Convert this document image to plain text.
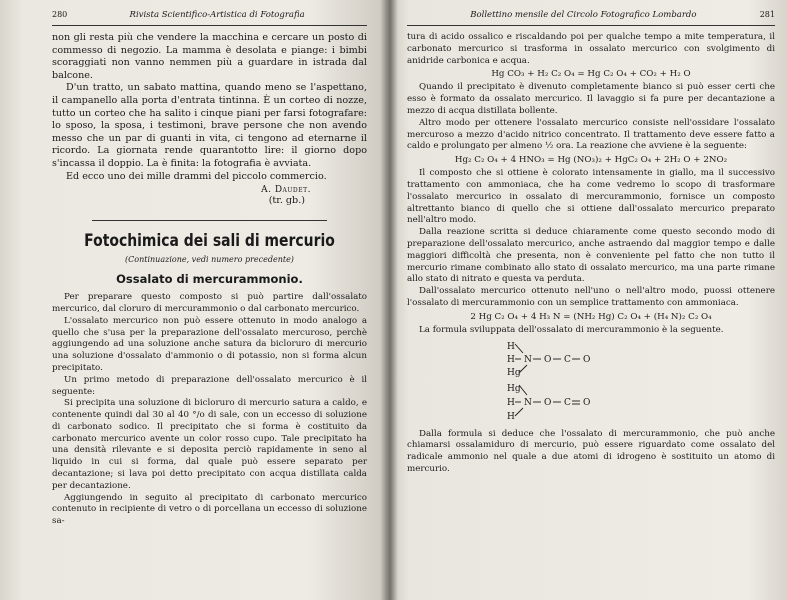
280	Rivista Scientifico-Artistica di Fotografia

non gli resta più che vendere la macchina e cercare un posto di commesso di negozio. La mamma è desolata e piange: i bimbi scoraggiati non vanno nemmen più a guardare in istrada dal balcone.

D'un tratto, un sabato mattina, quando meno se l'aspettano, il campanello alla porta d'entrata tintinna. È un corteo di nozze, tutto un corteo che ha salito i cinque piani per farsi fotografare: lo sposo, la sposa, i testimoni, brave persone che non avendo messo che un par di guanti in vita, ci tengono ad eternarne il ricordo. La giornata rende quarantotto lire: il giorno dopo s'incassa il doppio. La è finita: la fotografia è avviata.

Ed ecco uno dei mille drammi del piccolo commercio.

A. Daudet.
(tr. gb.)
Fotochimica dei sali di mercurio
(Continuazione, vedi numero precedente)
Ossalato di mercurammonio.

Per preparare questo composto si può partire dall'ossalato mercurico, dal cloruro di mercurammonio o dal carbonato mercurico.

L'ossalato mercurico non può essere ottenuto in modo analogo a quello che s'usa per la preparazione dell'ossalato mercuroso, perchè aggiungendo ad una soluzione anche satura da bicloruro di mercurio una soluzione d'ossalato d'ammonio o di potassio, non si forma alcun precipitato.

Un primo metodo di preparazione dell'ossalato mercurico è il seguente:

Si precipita una soluzione di bicloruro di mercurio satura a caldo, e contenente quindi dal 30 al 40 °/o di sale, con un eccesso di soluzione di carbonato sodico. Il precipitato che si forma è costituito da carbonato mercurico avente un color rosso cupo. Tale precipitato ha una densità rilevante e si deposita perciò rapidamente in seno al liquido in cui si forma, dal quale può essere separato per decantazione; si lava poi detto precipitato con acqua distillata calda per decantazione.

Aggiungendo in seguito al precipitato di carbonato mercurico contenuto in recipiente di vetro o di porcellana un eccesso di soluzione sa-

Bollettino mensile del Circolo Fotografico Lombardo	281

tura di acido ossalico e riscaldando poi per qualche tempo a mite temperatura, il carbonato mercurico si trasforma in ossalato mercurico con svolgimento di anidride carbonica e acqua.

Hg CO₃ + H₂ C₂ O₄ = Hg C₂ O₄ + CO₂ + H₂ O

Quando il precipitato è divenuto completamente bianco si può esser certi che esso è formato da ossalato mercurico. Il lavaggio si fa pure per decantazione a mezzo di acqua distillata bollente.

Altro modo per ottenere l'ossalato mercurico consiste nell'ossidare l'ossalato mercuroso a mezzo d'acido nitrico concentrato. Il trattamento deve essere fatto a caldo e prolungato per almeno ½ ora. La reazione che avviene è la seguente:

Hg₂ C₂ O₄ + 4 HNO₃ = Hg (NO₃)₂ + HgC₂ O₄ + 2H₂ O + 2NO₂

Il composto che si ottiene è colorato intensamente in giallo, ma il successivo trattamento con ammoniaca, che ha come vedremo lo scopo di trasformare l'ossalato mercurico in ossalato di mercurammonio, fornisce un composto altrettanto bianco di quello che si ottiene dall'ossalato mercurico preparato nell'altro modo.

Dalla reazione scritta si deduce chiaramente come questo secondo modo di preparazione dell'ossalato mercurico, anche astraendo dal maggior tempo e dalle maggiori difficoltà che presenta, non è conveniente pel fatto che non tutto il mercurio rimane combinato allo stato di ossalato mercurico, ma una parte rimane allo stato di nitrato e questa va perduta.

Dall'ossalato mercurico ottenuto nell'uno o nell'altro modo, puossi ottenere l'ossalato di mercurammonio con un semplice trattamento con ammoniaca.

2 Hg C₂ O₄ + 4 H₃ N = (NH₂ Hg) C₂ O₄ + (H₄ N)₂ C₂ O₄

La formula sviluppata dell'ossalato di mercurammonio è la seguente.

H
H N O C O
Hg
Hg
H N O C O
H

Dalla formula si deduce che l'ossalato di mercurammonio, che può anche chiamarsi ossalamiduro di mercurio, può essere riguardato come ossalato del radicale ammonio nel quale a due atomi di idrogeno è sostituito un atomo di mercurio.
